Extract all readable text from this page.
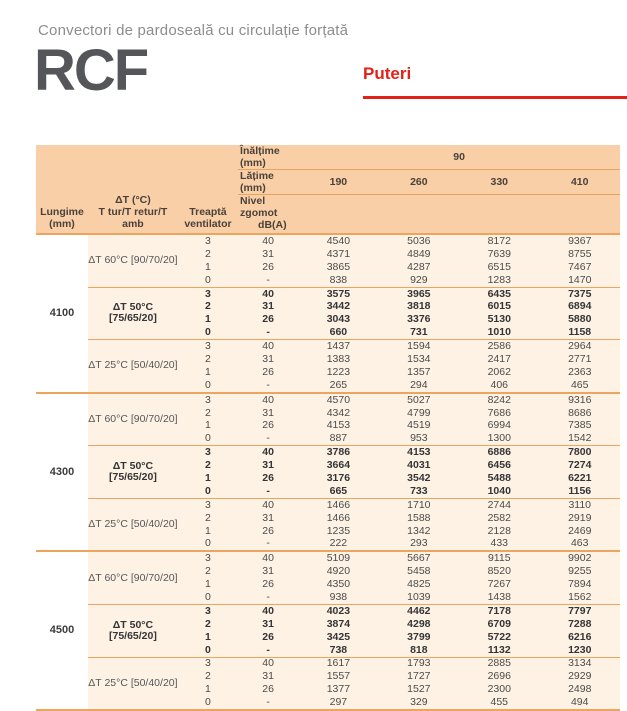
Convectori de pardoseală cu circulație forțată
RCF	Puteri
Lungime
(mm)

ΔT (°C)
T tur/T retur/T amb

Treaptă
ventilator
	Înălțime (mm)	90
			Lățime (mm)	190	260	330	410

			Nivel zgomot
dB(A)				

4100	ΔT 60°C [90/70/20]	3	40	4540	5036	8172	9367
		2	31	4371	4849	7639	8755
		1	26	3865	4287	6515	7467
		0	-	838	929	1283	1470
	ΔT 50°C [75/65/20]	3	40	3575	3965	6435	7375
		2	31	3442	3818	6015	6894
		1	26	3043	3376	5130	5880
		0	-	660	731	1010	1158
	ΔT 25°C [50/40/20]	3	40	1437	1594	2586	2964
		2	31	1383	1534	2417	2771
		1	26	1223	1357	2062	2363
		0	-	265	294	406	465
4300	ΔT 60°C [90/70/20]	3	40	4570	5027	8242	9316
		2	31	4342	4799	7686	8686
		1	26	4153	4519	6994	7385
		0	-	887	953	1300	1542
	ΔT 50°C [75/65/20]	3	40	3786	4153	6886	7800
		2	31	3664	4031	6456	7274
		1	26	3176	3542	5488	6221
		0	-	665	733	1040	1156
	ΔT 25°C [50/40/20]	3	40	1466	1710	2744	3110
		2	31	1466	1588	2582	2919
		1	26	1235	1342	2128	2469
		0	-	222	293	433	463
4500	ΔT 60°C [90/70/20]	3	40	5109	5667	9115	9902
		2	31	4920	5458	8520	9255
		1	26	4350	4825	7267	7894
		0	-	938	1039	1438	1562
	ΔT 50°C [75/65/20]	3	40	4023	4462	7178	7797
		2	31	3874	4298	6709	7288
		1	26	3425	3799	5722	6216
		0	-	738	818	1132	1230
	ΔT 25°C [50/40/20]	3	40	1617	1793	2885	3134
		2	31	1557	1727	2696	2929
		1	26	1377	1527	2300	2498
		0	-	297	329	455	494
